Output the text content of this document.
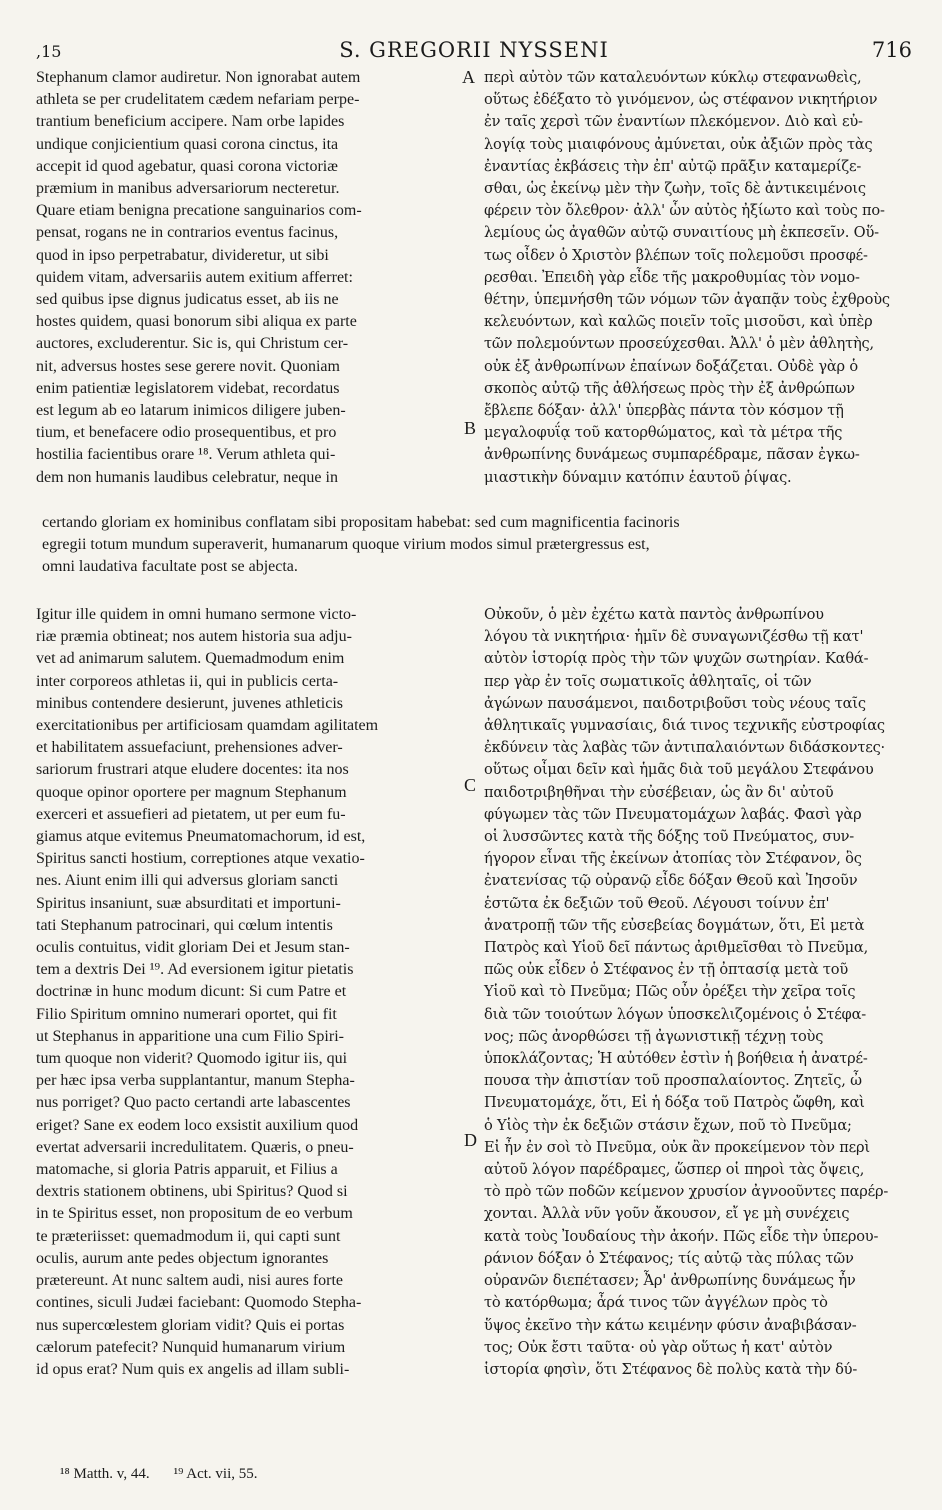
,15	S. GREGORII NYSSENI	716
A
B
C
D
Stephanum clamor audiretur. Non ignorabat autem
athleta se per crudelitatem cædem nefariam perpe-
trantium beneficium accipere. Nam orbe lapides
undique conjicientium quasi corona cinctus, ita
accepit id quod agebatur, quasi corona victoriæ
præmium in manibus adversariorum necteretur.
Quare etiam benigna precatione sanguinarios com-
pensat, rogans ne in contrarios eventus facinus,
quod in ipso perpetrabatur, divideretur, ut sibi
quidem vitam, adversariis autem exitium afferret:
sed quibus ipse dignus judicatus esset, ab iis ne
hostes quidem, quasi bonorum sibi aliqua ex parte
auctores, excluderentur. Sic is, qui Christum cer-
nit, adversus hostes sese gerere novit. Quoniam
enim patientiæ legislatorem videbat, recordatus
est legum ab eo latarum inimicos diligere juben-
tium, et benefacere odio prosequentibus, et pro
hostilia facientibus orare ¹⁸. Verum athleta qui-
dem non humanis laudibus celebratur, neque in
περὶ αὐτὸν τῶν καταλευόντων κύκλῳ στεφανωθεὶς,
οὕτως ἐδέξατο τὸ γινόμενον, ὡς στέφανον νικητήριον
ἐν ταῖς χερσὶ τῶν ἐναντίων πλεκόμενον. Διὸ καὶ εὐ-
λογίᾳ τοὺς μιαιφόνους ἀμύνεται, οὐκ ἀξιῶν πρὸς τὰς
ἐναντίας ἐκβάσεις τὴν ἐπ' αὐτῷ πρᾶξιν καταμερίζε-
σθαι, ὡς ἐκείνῳ μὲν τὴν ζωὴν, τοῖς δὲ ἀντικειμένοις
φέρειν τὸν ὄλεθρον· ἀλλ' ὧν αὐτὸς ἠξίωτο καὶ τοὺς πο-
λεμίους ὡς ἀγαθῶν αὐτῷ συναιτίους μὴ ἐκπεσεῖν. Οὕ-
τως οἶδεν ὁ Χριστὸν βλέπων τοῖς πολεμοῦσι προσφέ-
ρεσθαι. Ἐπειδὴ γὰρ εἶδε τῆς μακροθυμίας τὸν νομο-
θέτην, ὑπεμνήσθη τῶν νόμων τῶν ἀγαπᾷν τοὺς ἐχθροὺς
κελευόντων, καὶ καλῶς ποιεῖν τοῖς μισοῦσι, καὶ ὑπὲρ
τῶν πολεμούντων προσεύχεσθαι. Ἀλλ' ὁ μὲν ἀθλητὴς,
οὐκ ἐξ ἀνθρωπίνων ἐπαίνων δοξάζεται. Οὐδὲ γὰρ ὁ
σκοπὸς αὐτῷ τῆς ἀθλήσεως πρὸς τὴν ἐξ ἀνθρώπων
ἔβλεπε δόξαν· ἀλλ' ὑπερβὰς πάντα τὸν κόσμον τῇ
μεγαλοφυΐᾳ τοῦ κατορθώματος, καὶ τὰ μέτρα τῆς
ἀνθρωπίνης δυνάμεως συμπαρέδραμε, πᾶσαν ἐγκω-
μιαστικὴν δύναμιν κατόπιν ἑαυτοῦ ῥίψας.
certando gloriam ex hominibus conflatam sibi propositam habebat: sed cum magnificentia facinoris
egregii totum mundum superaverit, humanarum quoque virium modos simul prætergressus est,
omni laudativa facultate post se abjecta.
Igitur ille quidem in omni humano sermone victo-
riæ præmia obtineat; nos autem historia sua adju-
vet ad animarum salutem. Quemadmodum enim
inter corporeos athletas ii, qui in publicis certa-
minibus contendere desierunt, juvenes athleticis
exercitationibus per artificiosam quamdam agilitatem
et habilitatem assuefaciunt, prehensiones adver-
sariorum frustrari atque eludere docentes: ita nos
quoque opinor oportere per magnum Stephanum
exerceri et assuefieri ad pietatem, ut per eum fu-
giamus atque evitemus Pneumatomachorum, id est,
Spiritus sancti hostium, correptiones atque vexatio-
nes. Aiunt enim illi qui adversus gloriam sancti
Spiritus insaniunt, suæ absurditati et importuni-
tati Stephanum patrocinari, qui cœlum intentis
oculis contuitus, vidit gloriam Dei et Jesum stan-
tem a dextris Dei ¹⁹. Ad eversionem igitur pietatis
doctrinæ in hunc modum dicunt: Si cum Patre et
Filio Spiritum omnino numerari oportet, qui fit
ut Stephanus in apparitione una cum Filio Spiri-
tum quoque non viderit? Quomodo igitur iis, qui
per hæc ipsa verba supplantantur, manum Stepha-
nus porriget? Quo pacto certandi arte labascentes
eriget? Sane ex eodem loco exsistit auxilium quod
evertat adversarii incredulitatem. Quæris, o pneu-
matomache, si gloria Patris apparuit, et Filius a
dextris stationem obtinens, ubi Spiritus? Quod si
in te Spiritus esset, non propositum de eo verbum
te præteriisset: quemadmodum ii, qui capti sunt
oculis, aurum ante pedes objectum ignorantes
prætereunt. At nunc saltem audi, nisi aures forte
contines, siculi Judæi faciebant: Quomodo Stepha-
nus supercœlestem gloriam vidit? Quis ei portas
cælorum patefecit? Nunquid humanarum virium
id opus erat? Num quis ex angelis ad illam subli-
Οὐκοῦν, ὁ μὲν ἐχέτω κατὰ παντὸς ἀνθρωπίνου
λόγου τὰ νικητήρια· ἡμῖν δὲ συναγωνιζέσθω τῇ κατ'
αὐτὸν ἱστορίᾳ πρὸς τὴν τῶν ψυχῶν σωτηρίαν. Καθά-
περ γὰρ ἐν τοῖς σωματικοῖς ἀθληταῖς, οἱ τῶν
ἀγώνων παυσάμενοι, παιδοτριβοῦσι τοὺς νέους ταῖς
ἀθλητικαῖς γυμνασίαις, διά τινος τεχνικῆς εὐστροφίας
ἐκδύνειν τὰς λαβὰς τῶν ἀντιπαλαιόντων διδάσκοντες·
οὕτως οἶμαι δεῖν καὶ ἡμᾶς διὰ τοῦ μεγάλου Στεφάνου
παιδοτριβηθῆναι τὴν εὐσέβειαν, ὡς ἂν δι' αὐτοῦ
φύγωμεν τὰς τῶν Πνευματομάχων λαβάς. Φασὶ γὰρ
οἱ λυσσῶντες κατὰ τῆς δόξης τοῦ Πνεύματος, συν-
ήγορον εἶναι τῆς ἐκείνων ἀτοπίας τὸν Στέφανον, ὃς
ἐνατενίσας τῷ οὐρανῷ εἶδε δόξαν Θεοῦ καὶ Ἰησοῦν
ἑστῶτα ἐκ δεξιῶν τοῦ Θεοῦ. Λέγουσι τοίνυν ἐπ'
ἀνατροπῇ τῶν τῆς εὐσεβείας δογμάτων, ὅτι, Εἰ μετὰ
Πατρὸς καὶ Υἱοῦ δεῖ πάντως ἀριθμεῖσθαι τὸ Πνεῦμα,
πῶς οὐκ εἶδεν ὁ Στέφανος ἐν τῇ ὀπτασίᾳ μετὰ τοῦ
Υἱοῦ καὶ τὸ Πνεῦμα; Πῶς οὖν ὀρέξει τὴν χεῖρα τοῖς
διὰ τῶν τοιούτων λόγων ὑποσκελιζομένοις ὁ Στέφα-
νος; πῶς ἀνορθώσει τῇ ἀγωνιστικῇ τέχνῃ τοὺς
ὑποκλάζοντας; Ἡ αὐτόθεν ἐστὶν ἡ βοήθεια ἡ ἀνατρέ-
πουσα τὴν ἀπιστίαν τοῦ προσπαλαίοντος. Ζητεῖς, ὦ
Πνευματομάχε, ὅτι, Εἰ ἡ δόξα τοῦ Πατρὸς ὤφθη, καὶ
ὁ Υἱὸς τὴν ἐκ δεξιῶν στάσιν ἔχων, ποῦ τὸ Πνεῦμα;
Εἰ ἦν ἐν σοὶ τὸ Πνεῦμα, οὐκ ἂν προκείμενον τὸν περὶ
αὐτοῦ λόγον παρέδραμες, ὥσπερ οἱ πηροὶ τὰς ὄψεις,
τὸ πρὸ τῶν ποδῶν κείμενον χρυσίον ἀγνοοῦντες παρέρ-
χονται. Ἀλλὰ νῦν γοῦν ἄκουσον, εἴ γε μὴ συνέχεις
κατὰ τοὺς Ἰουδαίους τὴν ἀκοήν. Πῶς εἶδε τὴν ὑπερου-
ράνιον δόξαν ὁ Στέφανος; τίς αὐτῷ τὰς πύλας τῶν
οὐρανῶν διεπέτασεν; Ἆρ' ἀνθρωπίνης δυνάμεως ἦν
τὸ κατόρθωμα; ἆρά τινος τῶν ἀγγέλων πρὸς τὸ
ὕψος ἐκεῖνο τὴν κάτω κειμένην φύσιν ἀναβιβάσαν-
τος; Οὐκ ἔστι ταῦτα· οὐ γὰρ οὕτως ἡ κατ' αὐτὸν
ἱστορία φησὶν, ὅτι Στέφανος δὲ πολὺς κατὰ τὴν δύ-
¹⁸ Matth. v, 44. ¹⁹ Act. vii, 55.
